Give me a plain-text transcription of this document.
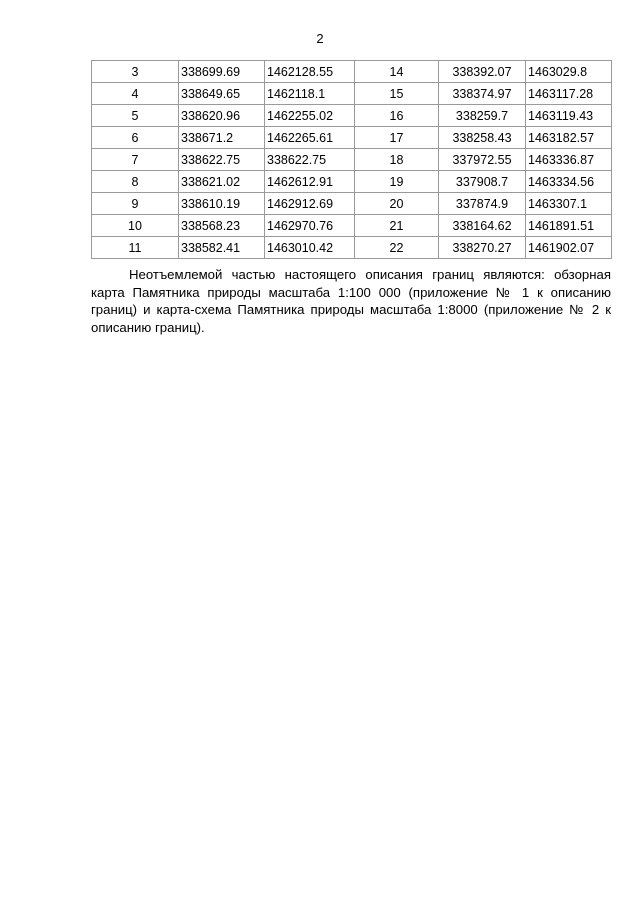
2
3	338699.69	1462128.55	14	338392.07	1463029.8
4	338649.65	1462118.1	15	338374.97	1463117.28
5	338620.96	1462255.02	16	338259.7	1463119.43
6	338671.2	1462265.61	17	338258.43	1463182.57
7	338622.75	338622.75	18	337972.55	1463336.87
8	338621.02	1462612.91	19	337908.7	1463334.56
9	338610.19	1462912.69	20	337874.9	1463307.1
10	338568.23	1462970.76	21	338164.62	1461891.51
11	338582.41	1463010.42	22	338270.27	1461902.07

Неотъемлемой частью настоящего описания границ являются: обзорная карта Памятника природы масштаба 1:100 000 (приложение № 1 к описанию границ) и карта-схема Памятника природы масштаба 1:8000 (приложение № 2 к описанию границ).
